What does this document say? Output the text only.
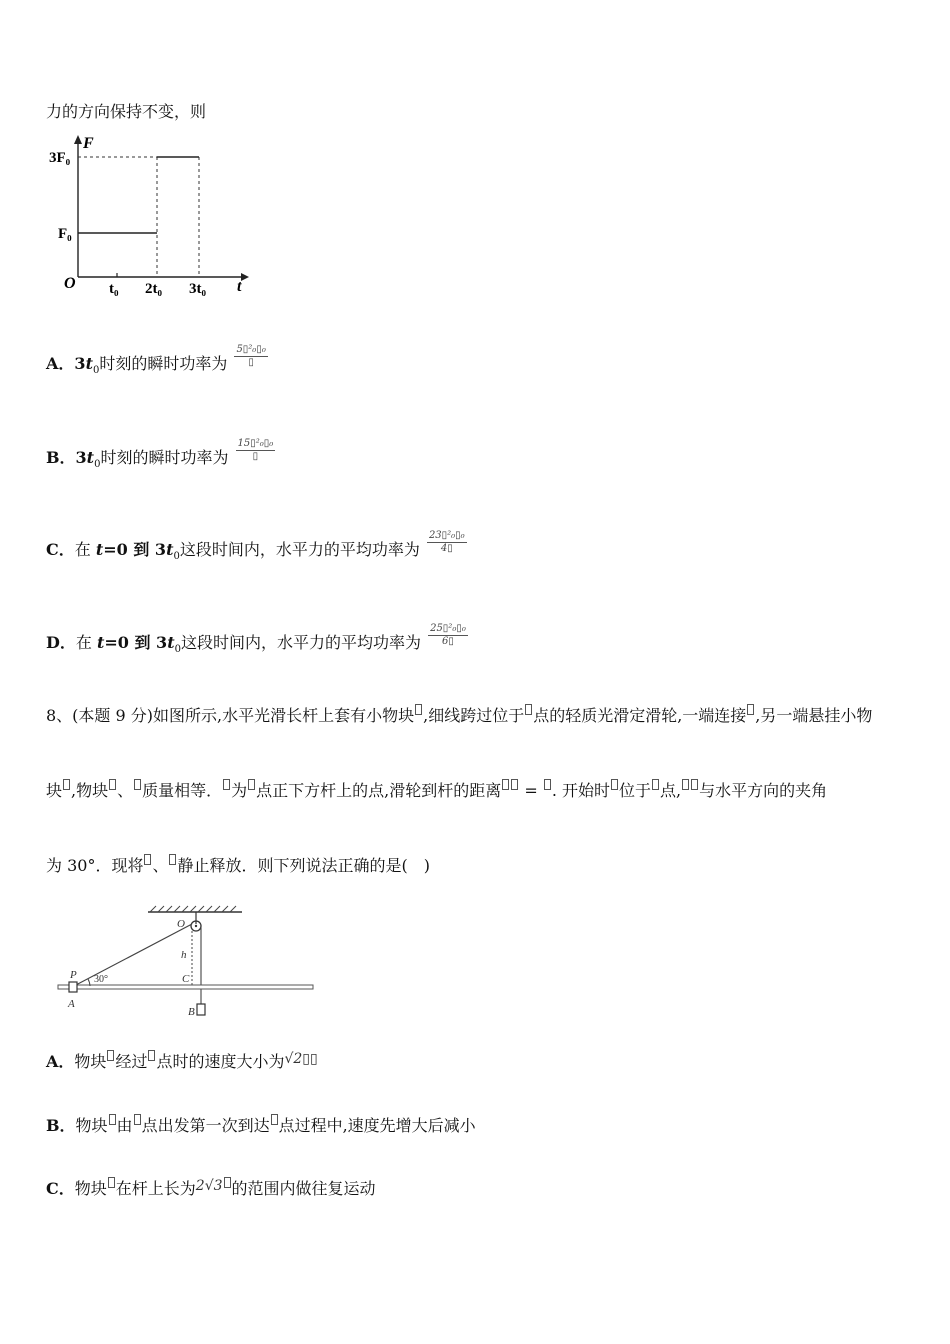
力的方向保持不变，则
F
t
O
3F₀
F₀
t₀ 2t₀ 3t₀
A．$3t_0$时刻的瞬时功率为 $\frac{\text{5▯²₀▯₀}}{▯}$
B．$3t_0$时刻的瞬时功率为 $\frac{\text{15▯²₀▯₀}}{▯}$
C．在 t=0 到 $3t_0$这段时间内，水平力的平均功率为 $\frac{\text{23▯²₀▯₀}}{4▯}$
D．在 t=0 到 $3t_0$这段时间内，水平力的平均功率为 $\frac{\text{25▯²₀▯₀}}{6▯}$
8、(本题 9 分)如图所示,水平光滑长杆上套有小物块 ,细线跨过位于 点的轻质光滑定滑轮,一端连接 ,另一端悬挂小物
块 ,物块 、 质量相等． 为 点正下方杆上的点,滑轮到杆的距离 = . 开始时 位于 点, 与水平方向的夹角
为 30°．现将 、 静止释放．则下列说法正确的是(　)
O
h
P 30°	C
A
B
A．物块 经过 点时的速度大小为√2▯▯
B．物块 由 点出发第一次到达 点过程中,速度先增大后减小
C．物块 在杆上长为2√3 的范围内做往复运动
